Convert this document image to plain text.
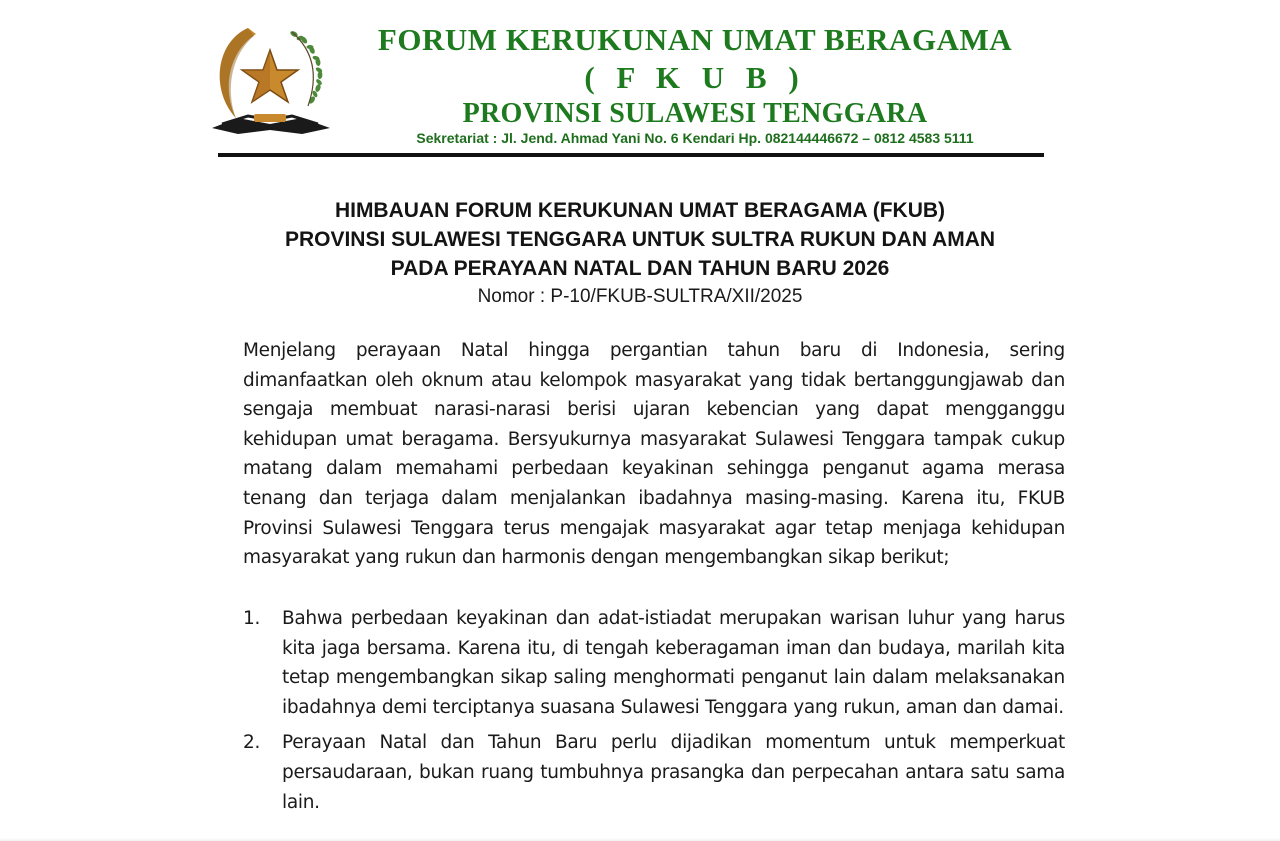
FORUM KERUKUNAN UMAT BERAGAMA
( F K U B )
PROVINSI SULAWESI TENGGARA
Sekretariat : Jl. Jend. Ahmad Yani No. 6 Kendari Hp. 082144446672 – 0812 4583 5111
HIMBAUAN FORUM KERUKUNAN UMAT BERAGAMA (FKUB)
PROVINSI SULAWESI TENGGARA UNTUK SULTRA RUKUN DAN AMAN
PADA PERAYAAN NATAL DAN TAHUN BARU 2026
Nomor : P-10/FKUB-SULTRA/XII/2025

Menjelang perayaan Natal hingga pergantian tahun baru di Indonesia, sering dimanfaatkan oleh oknum atau kelompok masyarakat yang tidak bertanggungjawab dan sengaja membuat narasi-narasi berisi ujaran kebencian yang dapat mengganggu kehidupan umat beragama. Bersyukurnya masyarakat Sulawesi Tenggara tampak cukup matang dalam memahami perbedaan keyakinan sehingga penganut agama merasa tenang dan terjaga dalam menjalankan ibadahnya masing-masing. Karena itu, FKUB Provinsi Sulawesi Tenggara terus mengajak masyarakat agar tetap menjaga kehidupan masyarakat yang rukun dan harmonis dengan mengembangkan sikap berikut;

1. Bahwa perbedaan keyakinan dan adat-istiadat merupakan warisan luhur yang harus kita jaga bersama. Karena itu, di tengah keberagaman iman dan budaya, marilah kita tetap mengembangkan sikap saling menghormati penganut lain dalam melaksanakan ibadahnya demi terciptanya suasana Sulawesi Tenggara yang rukun, aman dan damai.
2. Perayaan Natal dan Tahun Baru perlu dijadikan momentum untuk memperkuat persaudaraan, bukan ruang tumbuhnya prasangka dan perpecahan antara satu sama lain.
